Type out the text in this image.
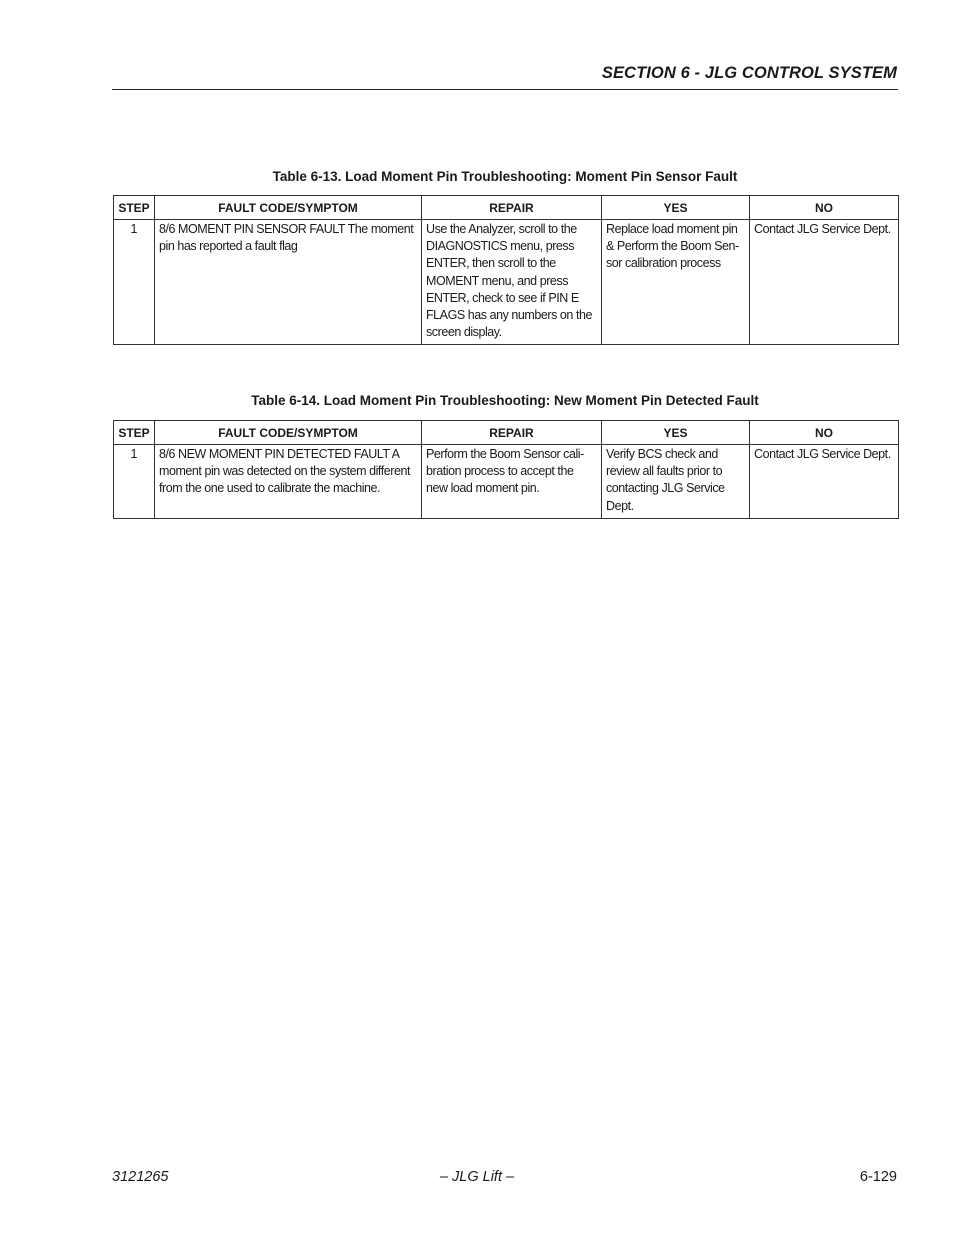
SECTION 6 - JLG CONTROL SYSTEM
Table 6-13. Load Moment Pin Troubleshooting: Moment Pin Sensor Fault
STEP	FAULT CODE/SYMPTOM	REPAIR	YES	NO
1	8/6 MOMENT PIN SENSOR FAULT The moment pin has reported a fault flag	Use the Analyzer, scroll to the DIAGNOSTICS menu, press ENTER, then scroll to the MOMENT menu, and press ENTER, check to see if PIN E FLAGS has any numbers on the screen display.	Replace load moment pin & Perform the Boom Sen-sor calibration process	Contact JLG Service Dept.
Table 6-14. Load Moment Pin Troubleshooting: New Moment Pin Detected Fault
STEP	FAULT CODE/SYMPTOM	REPAIR	YES	NO
1	8/6 NEW MOMENT PIN DETECTED FAULT A moment pin was detected on the system different from the one used to calibrate the machine.	Perform the Boom Sensor cali-bration process to accept the new load moment pin.	Verify BCS check and review all faults prior to contacting JLG Service Dept.	Contact JLG Service Dept.
3121265	– JLG Lift –	6-129
